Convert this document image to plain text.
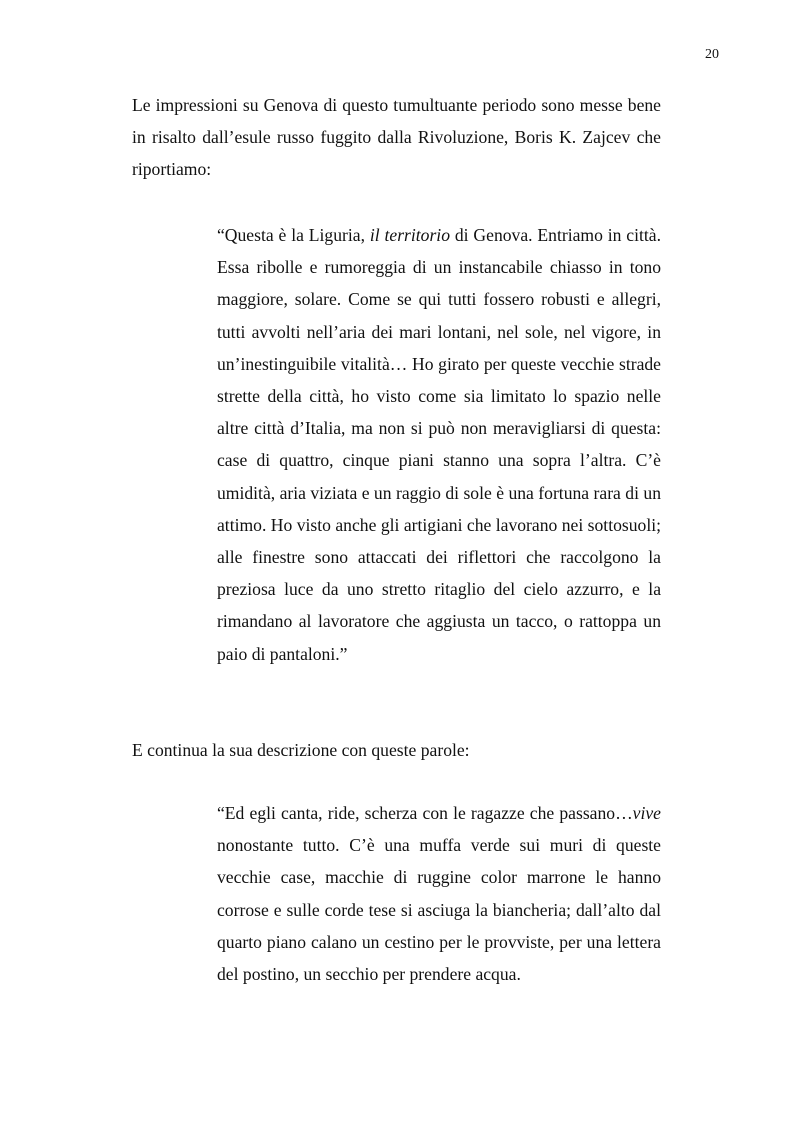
20

Le impressioni su Genova di questo tumultuante periodo sono messe bene in risalto dall’esule russo fuggito dalla Rivoluzione, Boris K. Zajcev che riportiamo:

“Questa è la Liguria, il territorio di Genova. Entriamo in città. Essa ribolle e rumoreggia di un instancabile chiasso in tono maggiore, solare. Come se qui tutti fossero robusti e allegri, tutti avvolti nell’aria dei mari lontani, nel sole, nel vigore, in un’inestinguibile vitalità… Ho girato per queste vecchie strade strette della città, ho visto come sia limitato lo spazio nelle altre città d’Italia, ma non si può non meravigliarsi di questa: case di quattro, cinque piani stanno una sopra l’altra. C’è umidità, aria viziata e un raggio di sole è una fortuna rara di un attimo. Ho visto anche gli artigiani che lavorano nei sottosuoli; alle finestre sono attaccati dei riflettori che raccolgono la preziosa luce da uno stretto ritaglio del cielo azzurro, e la rimandano al lavoratore che aggiusta un tacco, o rattoppa un paio di pantaloni.”

E continua la sua descrizione con queste parole:

“Ed egli canta, ride, scherza con le ragazze che passano…vive nonostante tutto. C’è una muffa verde sui muri di queste vecchie case, macchie di ruggine color marrone le hanno corrose e sulle corde tese si asciuga la biancheria; dall’alto dal quarto piano calano un cestino per le provviste, per una lettera del postino, un secchio per prendere acqua.
